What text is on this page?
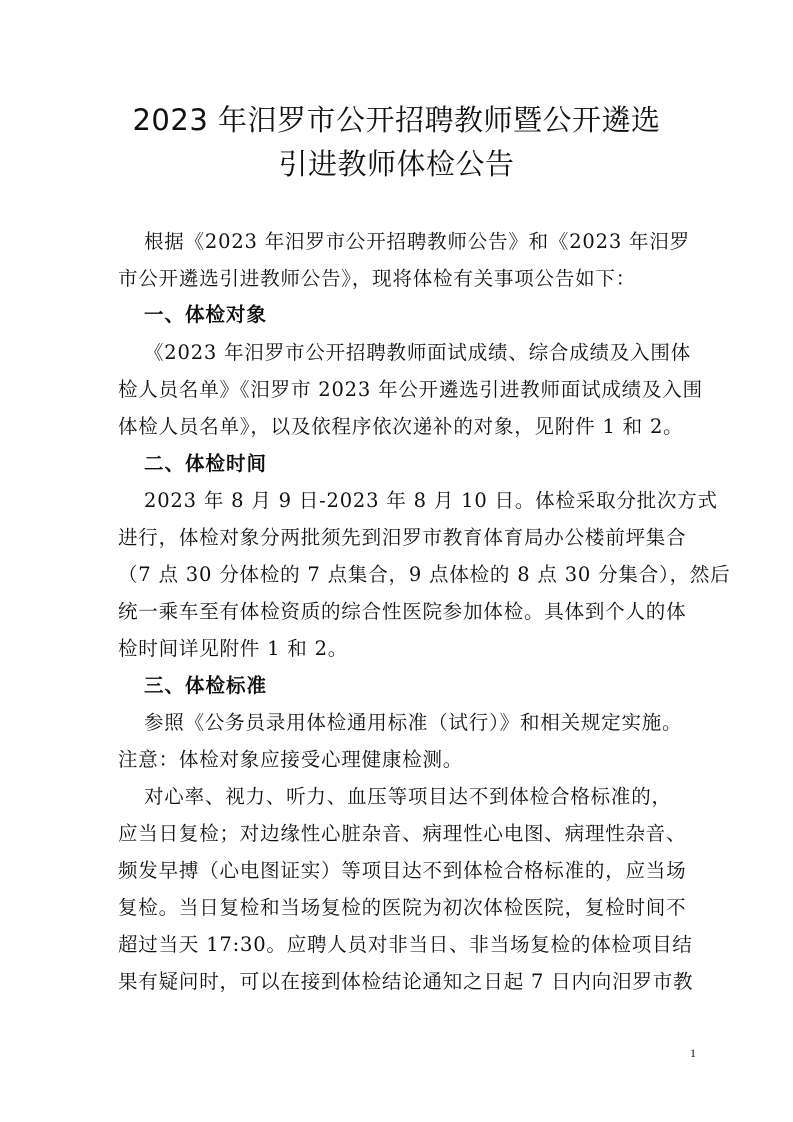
2023 年汨罗市公开招聘教师暨公开遴选
引进教师体检公告
根据《2023 年汨罗市公开招聘教师公告》和《2023 年汨罗
市公开遴选引进教师公告》，现将体检有关事项公告如下：
一、体检对象
《2023 年汨罗市公开招聘教师面试成绩、综合成绩及入围体
检人员名单》《汨罗市 2023 年公开遴选引进教师面试成绩及入围
体检人员名单》，以及依程序依次递补的对象，见附件 1 和 2。
二、体检时间
2023 年 8 月 9 日-2023 年 8 月 10 日。体检采取分批次方式
进行，体检对象分两批须先到汨罗市教育体育局办公楼前坪集合
（7 点 30 分体检的 7 点集合，9 点体检的 8 点 30 分集合），然后
统一乘车至有体检资质的综合性医院参加体检。具体到个人的体
检时间详见附件 1 和 2。
三、体检标准
参照《公务员录用体检通用标准（试行）》和相关规定实施。
注意：体检对象应接受心理健康检测。
对心率、视力、听力、血压等项目达不到体检合格标准的，
应当日复检；对边缘性心脏杂音、病理性心电图、病理性杂音、
频发早搏（心电图证实）等项目达不到体检合格标准的，应当场
复检。当日复检和当场复检的医院为初次体检医院，复检时间不
超过当天 17:30。应聘人员对非当日、非当场复检的体检项目结
果有疑问时，可以在接到体检结论通知之日起 7 日内向汨罗市教
1
